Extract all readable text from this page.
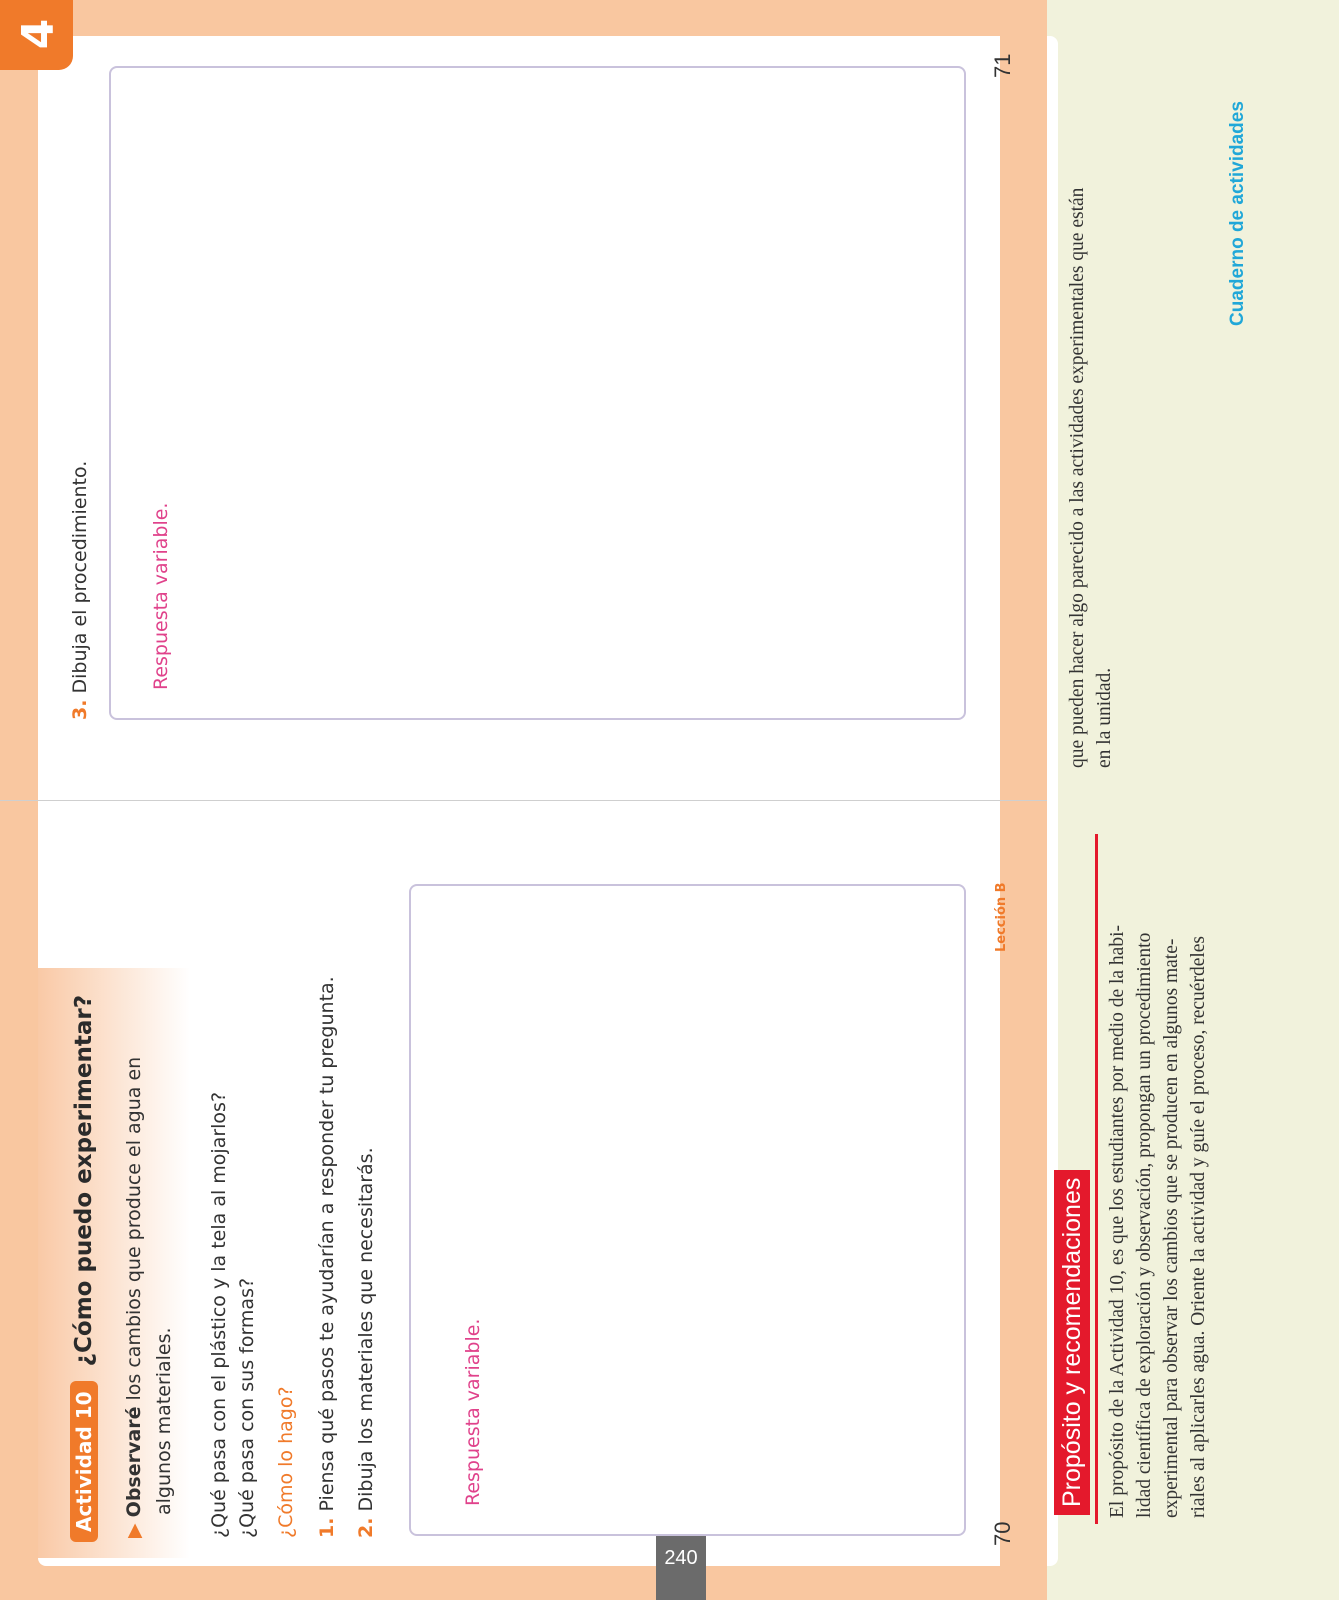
4
Actividad 10 ¿Cómo puedo experimentar?
▶ Observaré los cambios que produce el agua en
algunos materiales. ¿Qué pasa con el plástico y la tela al mojarlos? ¿Qué pasa con sus formas? ¿Cómo lo hago? 1. Piensa qué pasos te ayudarían a responder tu pregunta.
2. Dibuja los materiales que necesitarás.	Respuesta variable.
70
Lección B
3. Dibuja el procedimiento.	Respuesta variable.
71
240
Propósito y recomendaciones El propósito de la Actividad 10, es que los estudiantes por medio de la habi- lidad científica de exploración y observación, propongan un procedimiento experimental para observar los cambios que se producen en algunos mate- riales al aplicarles agua. Oriente la actividad y guíe el proceso, recuérdeles
que pueden hacer algo parecido a las actividades experimentales que están en la unidad.
Cuaderno de actividades
